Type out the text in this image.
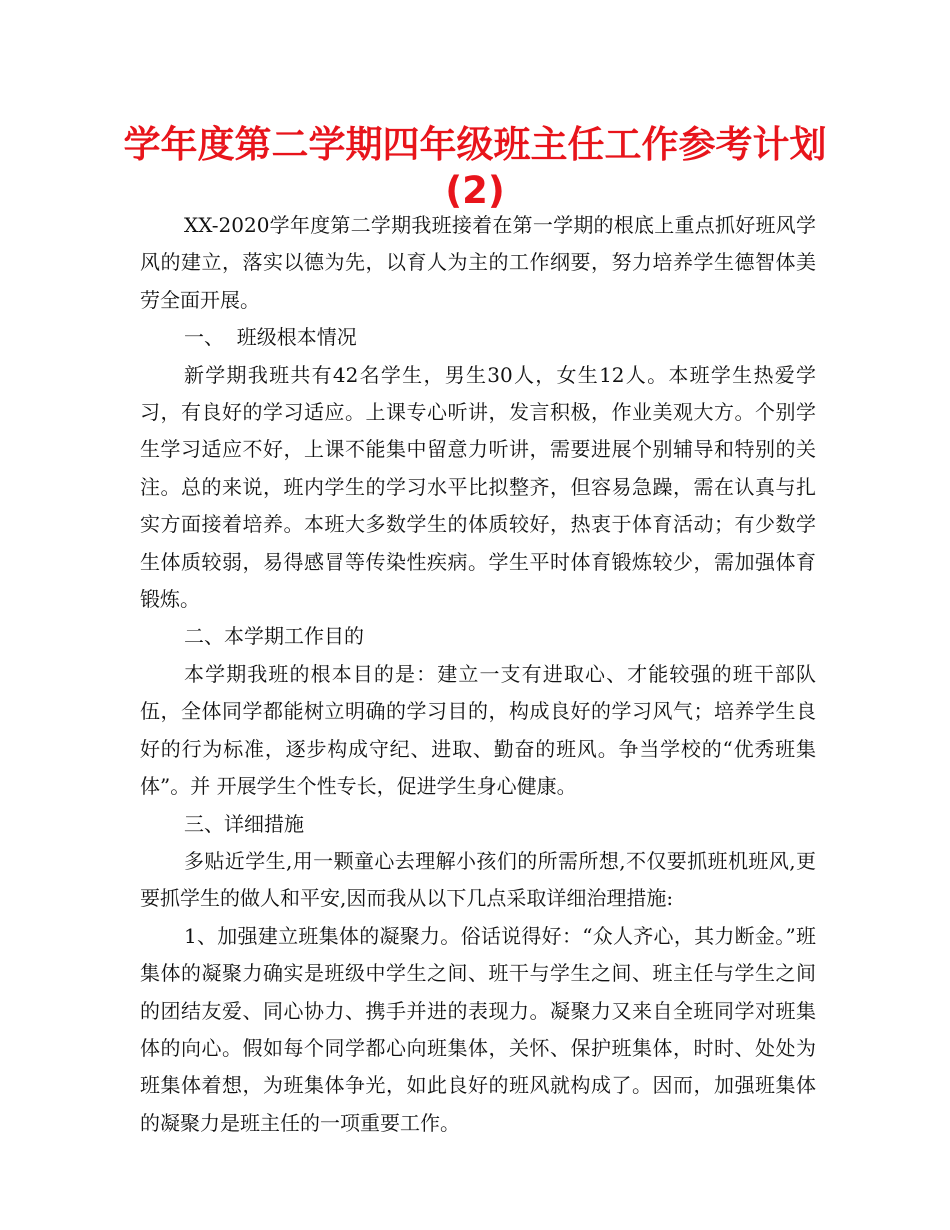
学年度第二学期四年级班主任工作参考计划 (2)

XX-2020学年度第二学期我班接着在第一学期的根底上重点抓好班风学风的建立，落实以德为先，以育人为主的工作纲要，努力培养学生德智体美劳全面开展。

一、  班级根本情况

新学期我班共有42名学生，男生30人，女生12人。本班学生热爱学习，有良好的学习适应。上课专心听讲，发言积极，作业美观大方。个别学生学习适应不好，上课不能集中留意力听讲，需要进展个别辅导和特别的关注。总的来说，班内学生的学习水平比拟整齐，但容易急躁，需在认真与扎实方面接着培养。本班大多数学生的体质较好，热衷于体育活动；有少数学生体质较弱，易得感冒等传染性疾病。学生平时体育锻炼较少，需加强体育锻炼。

二、本学期工作目的

本学期我班的根本目的是：建立一支有进取心、才能较强的班干部队伍，全体同学都能树立明确的学习目的，构成良好的学习风气；培养学生良好的行为标准，逐步构成守纪、进取、勤奋的班风。争当学校的“优秀班集体”。并 开展学生个性专长，促进学生身心健康。

三、详细措施

多贴近学生,用一颗童心去理解小孩们的所需所想,不仅要抓班机班风,更要抓学生的做人和平安,因而我从以下几点采取详细治理措施:

1、加强建立班集体的凝聚力。俗话说得好：“众人齐心，其力断金。”班集体的凝聚力确实是班级中学生之间、班干与学生之间、班主任与学生之间的团结友爱、同心协力、携手并进的表现力。凝聚力又来自全班同学对班集体的向心。假如每个同学都心向班集体，关怀、保护班集体，时时、处处为班集体着想，为班集体争光，如此良好的班风就构成了。因而，加强班集体的凝聚力是班主任的一项重要工作。
